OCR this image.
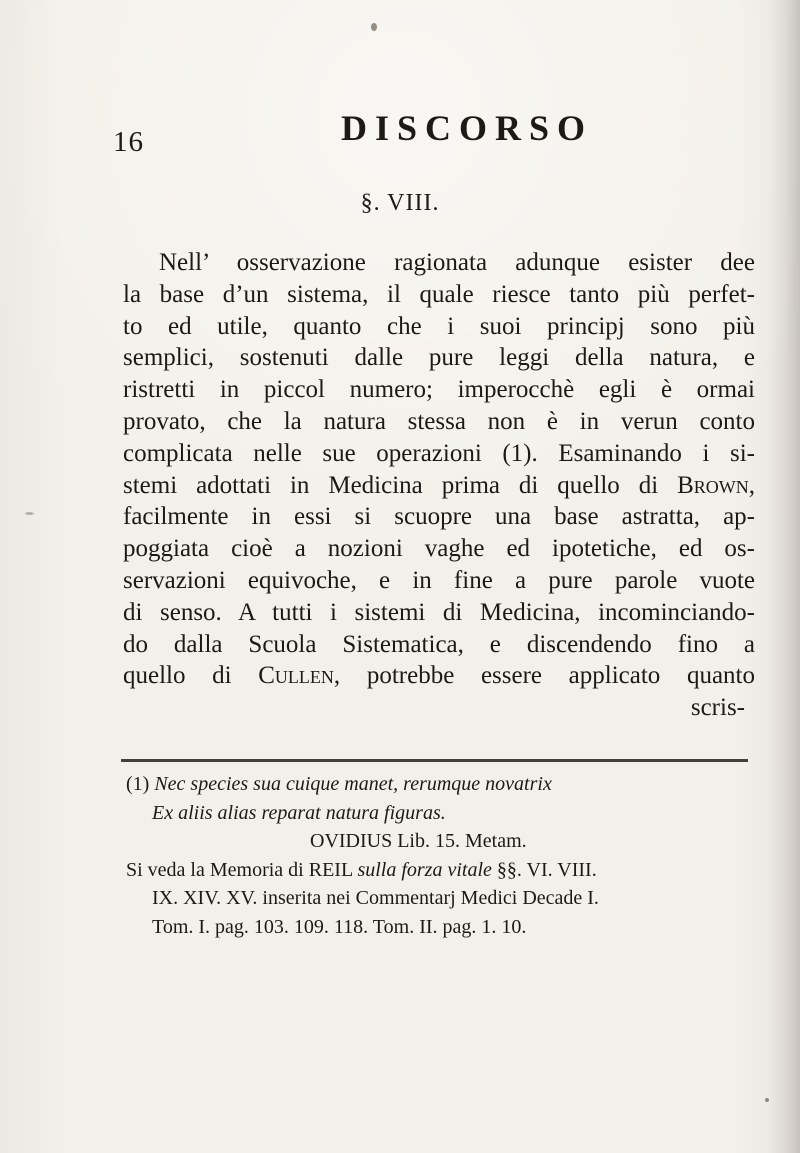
16	DISCORSO
§. VIII.
Nell’ osservazione ragionata adunque esister dee
la base d’un sistema, il quale riesce tanto più perfet-
to ed utile, quanto che i suoi principj sono più
semplici, sostenuti dalle pure leggi della natura, e
ristretti in piccol numero; imperocchè egli è ormai
provato, che la natura stessa non è in verun conto
complicata nelle sue operazioni (1). Esaminando i si-
stemi adottati in Medicina prima di quello di Brown,
facilmente in essi si scuopre una base astratta, ap-
poggiata cioè a nozioni vaghe ed ipotetiche, ed os-
servazioni equivoche, e in fine a pure parole vuote
di senso. A tutti i sistemi di Medicina, incominciando-
do dalla Scuola Sistematica, e discendendo fino a
quello di Cullen, potrebbe essere applicato quanto
scris-
(1) Nec species sua cuique manet, rerumque novatrix
Ex aliis alias reparat natura figuras.
OVIDIUS Lib. 15. Metam.
Si veda la Memoria di REIL sulla forza vitale §§. VI. VIII.
IX. XIV. XV. inserita nei Commentarj Medici Decade I.
Tom. I. pag. 103. 109. 118. Tom. II. pag. 1. 10.
